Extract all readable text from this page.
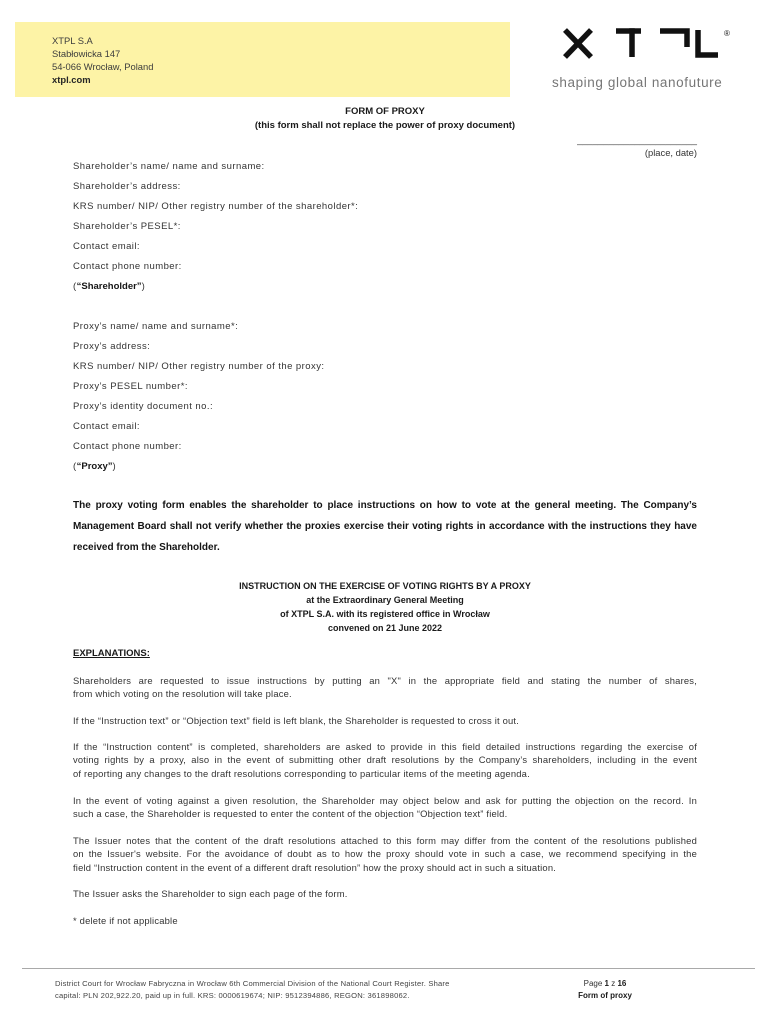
XTPL S.A
Stabłowicka 147
54-066 Wrocław, Poland
xtpl.com
®
shaping global nanofuture
FORM OF PROXY
(this form shall not replace the power of proxy document)
_______________________
(place, date)
Shareholder’s name/ name and surname:
Shareholder’s address:
KRS number/ NIP/ Other registry number of the shareholder*:
Shareholder’s PESEL*:
Contact email:
Contact phone number:
(“Shareholder”)
Proxy’s name/ name and surname*:
Proxy’s address:
KRS number/ NIP/ Other registry number of the proxy:
Proxy’s PESEL number*:
Proxy’s identity document no.:
Contact email:
Contact phone number:
(“Proxy”)
The proxy voting form enables the shareholder to place instructions on how to vote at the general meeting. The Company’s
Management Board shall not verify whether the proxies exercise their voting rights in accordance with the instructions they have
received from the Shareholder.
INSTRUCTION ON THE EXERCISE OF VOTING RIGHTS BY A PROXY
at the Extraordinary General Meeting
of XTPL S.A. with its registered office in Wrocław
convened on 21 June 2022
EXPLANATIONS:
Shareholders are requested to issue instructions by putting an "X" in the appropriate field and stating the number of shares,
from which voting on the resolution will take place.
If the “Instruction text” or “Objection text” field is left blank, the Shareholder is requested to cross it out.
If the “Instruction content” is completed, shareholders are asked to provide in this field detailed instructions regarding the exercise of
voting rights by a proxy, also in the event of submitting other draft resolutions by the Company’s shareholders, including in the event
of reporting any changes to the draft resolutions corresponding to particular items of the meeting agenda.
In the event of voting against a given resolution, the Shareholder may object below and ask for putting the objection on the record. In
such a case, the Shareholder is requested to enter the content of the objection “Objection text” field.
The Issuer notes that the content of the draft resolutions attached to this form may differ from the content of the resolutions published
on the Issuer's website. For the avoidance of doubt as to how the proxy should vote in such a case, we recommend specifying in the
field “Instruction content in the event of a different draft resolution” how the proxy should act in such a situation.
The Issuer asks the Shareholder to sign each page of the form.
* delete if not applicable
District Court for Wrocław Fabryczna in Wrocław 6th Commercial Division of the National Court Register. Share
capital: PLN 202,922.20, paid up in full. KRS: 0000619674; NIP: 9512394886, REGON: 361898062.
Page 1 z 16
Form of proxy
